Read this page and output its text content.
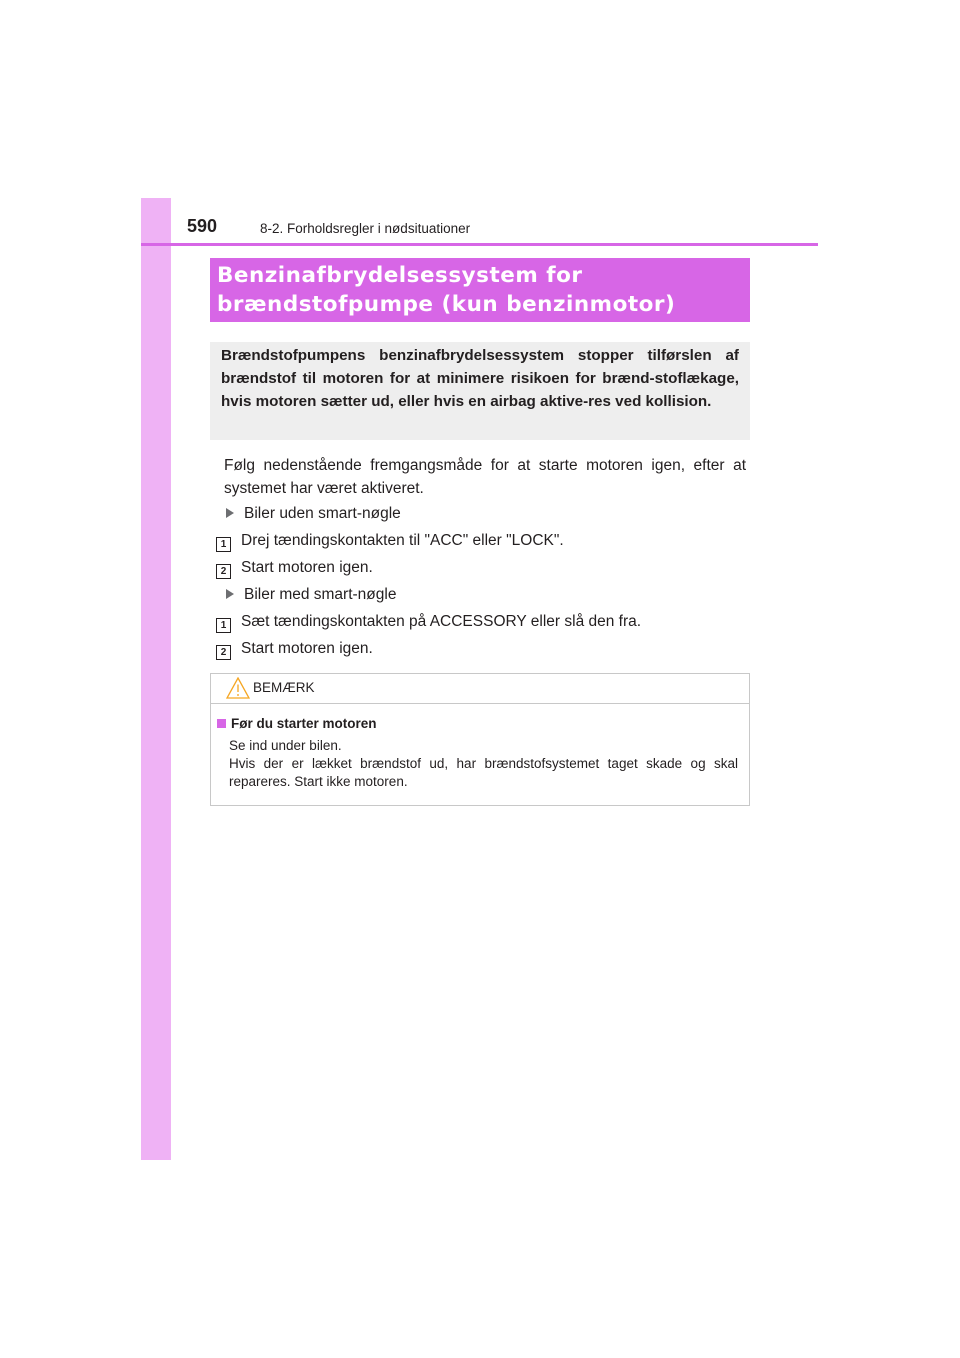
590	8-2. Forholdsregler i nødsituationer
Benzinafbrydelsessystem for
brændstofpumpe (kun benzinmotor)
Brændstofpumpens benzinafbrydelsessystem stopper tilførslen af brændstof til motoren for at minimere risikoen for brænd-stoflækage, hvis motoren sætter ud, eller hvis en airbag aktive-res ved kollision.
Følg nedenstående fremgangsmåde for at starte motoren igen, efter at systemet har været aktiveret.
Biler uden smart-nøgle
1 Drej tændingskontakten til "ACC" eller "LOCK".
2 Start motoren igen.
Biler med smart-nøgle
1 Sæt tændingskontakten på ACCESSORY eller slå den fra.
2 Start motoren igen.
BEMÆRK
Før du starter motoren
Se ind under bilen.
Hvis der er lækket brændstof ud, har brændstofsystemet taget skade og skal repareres. Start ikke motoren.
